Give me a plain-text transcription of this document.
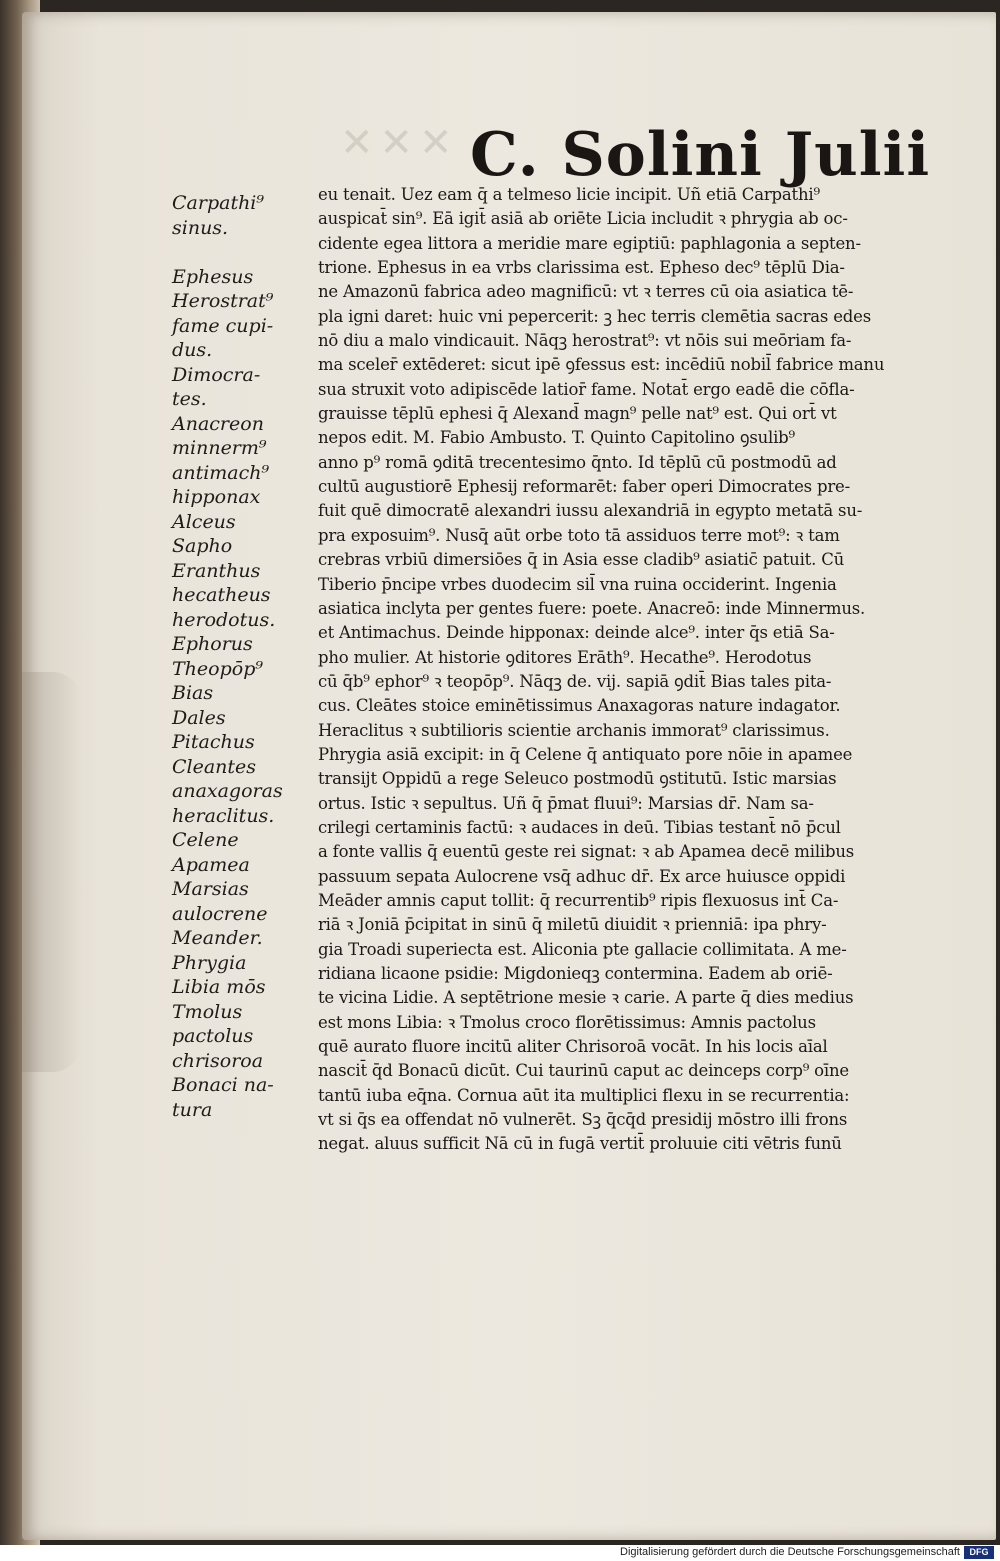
✕✕✕ C. Solini Julii
Carpathi⁹
sinus.

Ephesus
Herostrat⁹
fame cupi-
dus.
Dimocra-
tes.
Anacreon
minnerm⁹
antimach⁹
hipponax
Alceus
Sapho
Eranthus
hecatheus
herodotus.
Ephorus
Theopōp⁹
Bias
Dales
Pitachus
Cleantes
anaxagoras
heraclitus.
Celene
Apamea
Marsias
aulocrene
Meander.
Phrygia
Libia mōs
Tmolus
pactolus
chrisoroa
Bonaci na-
tura
eu tenait. Uez eam q̄ a telmeso licie incipit. Uñ etiā Carpathi⁹
auspicat̄ sin⁹. Eā igit̄ asiā ab oriēte Licia includit ꝛ phrygia ab oc-
cidente egea littora a meridie mare egiptiū: paphlagonia a septen-
trione. Ephesus in ea vrbs clarissima est. Epheso dec⁹ tēplū Dia-
ne Amazonū fabrica adeo magnificū: vt ꝛ terres cū oia asiatica tē-
pla igni daret: huic vni pepercerit: ꝫ hec terris clemētia sacras edes
nō diu a malo vindicauit. Nāqꝫ herostrat⁹: vt nōis sui meōriam fa-
ma sceler̄ extēderet: sicut ipē ꝯfessus est: incēdiū nobil̄ fabrice manu
sua struxit voto adipiscēde latior̄ fame. Notat̄ ergo eadē die cōfla-
grauisse tēplū ephesi q̄ Alexand̄ magn⁹ pelle nat⁹ est. Qui ort̄ vt
nepos edit. M. Fabio Ambusto. T. Quinto Capitolino ꝯsulib⁹
anno p⁹ romā ꝯditā trecentesimo q̄nto. Id tēplū cū postmodū ad
cultū augustiorē Ephesij reformarēt: faber operi Dimocrates pre-
fuit quē dimocratē alexandri iussu alexandriā in egypto metatā su-
pra exposuim⁹. Nusq̄ aūt orbe toto tā assiduos terre mot⁹: ꝛ tam
crebras vrbiū dimersiōes q̄ in Asia esse cladib⁹ asiatic̄ patuit. Cū
Tiberio p̄ncipe vrbes duodecim sil̄ vna ruina occiderint. Ingenia
asiatica inclyta per gentes fuere: poete. Anacreō: inde Minnermus.
et Antimachus. Deinde hipponax: deinde alce⁹. inter q̄s etiā Sa-
pho mulier. At historie ꝯditores Erāth⁹. Hecathe⁹. Herodotus
cū q̄b⁹ ephor⁹ ꝛ teopōp⁹. Nāqꝫ de. vij. sapiā ꝯdit̄ Bias tales pita-
cus. Cleātes stoice eminētissimus Anaxagoras nature indagator.
Heraclitus ꝛ subtilioris scientie archanis immorat⁹ clarissimus.
Phrygia asiā excipit: in q̄ Celene q̄ antiquato pore nōie in apamee
transijt Oppidū a rege Seleuco postmodū ꝯstitutū. Istic marsias
ortus. Istic ꝛ sepultus. Uñ q̄ p̄mat fluui⁹: Marsias dr̄. Nam sa-
crilegi certaminis factū: ꝛ audaces in deū. Tibias testant̄ nō p̄cul
a fonte vallis q̄ euentū geste rei signat: ꝛ ab Apamea decē milibus
passuum sepata Aulocrene vsq̄ adhuc dr̄. Ex arce huiusce oppidi
Meāder amnis caput tollit: q̄ recurrentib⁹ ripis flexuosus int̄ Ca-
riā ꝛ Joniā p̄cipitat in sinū q̄ miletū diuidit ꝛ prienniā: ipa phry-
gia Troadi superiecta est. Aliconia pte gallacie collimitata. A me-
ridiana licaone psidie: Migdonieqꝫ contermina. Eadem ab oriē-
te vicina Lidie. A septētrione mesie ꝛ carie. A parte q̄ dies medius
est mons Libia: ꝛ Tmolus croco florētissimus: Amnis pactolus
quē aurato fluore incitū aliter Chrisoroā vocāt. In his locis aīal
nascit̄ q̄d Bonacū dicūt. Cui taurinū caput ac deinceps corp⁹ oīne
tantū iuba eq̄na. Cornua aūt ita multiplici flexu in se recurrentia:
vt si q̄s ea offendat nō vulnerēt. Sꝫ q̄cq̄d presidij mōstro illi frons
negat. aluus sufficit Nā cū in fugā vertit̄ proluuie citi vētris funū
Digitalisierung gefördert durch die Deutsche Forschungsgemeinschaft	DFG
